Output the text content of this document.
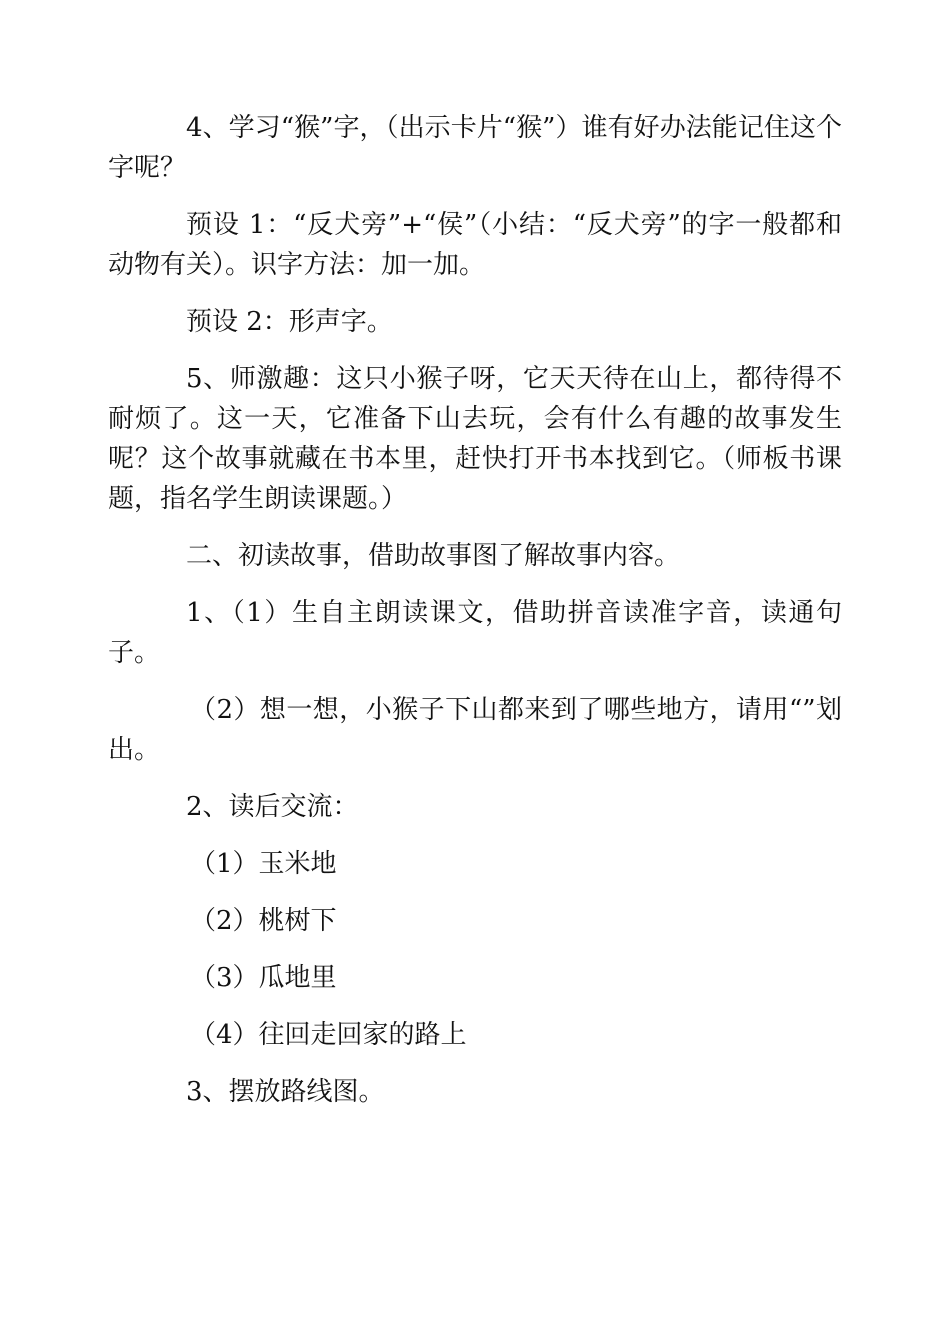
4、学习“猴”字，（出示卡片“猴”）谁有好办法能记住这个字呢？

预设 1：“反犬旁”+“侯”（小结：“反犬旁”的字一般都和动物有关）。识字方法：加一加。

预设 2：形声字。

5、师激趣：这只小猴子呀，它天天待在山上，都待得不耐烦了。这一天，它准备下山去玩，会有什么有趣的故事发生呢？这个故事就藏在书本里，赶快打开书本找到它。（师板书课题，指名学生朗读课题。）

二、初读故事，借助故事图了解故事内容。

1、（1）生自主朗读课文，借助拼音读准字音，读通句子。

（2）想一想，小猴子下山都来到了哪些地方，请用“”划出。

2、读后交流：

（1）玉米地

（2）桃树下

（3）瓜地里

（4）往回走回家的路上

3、摆放路线图。
